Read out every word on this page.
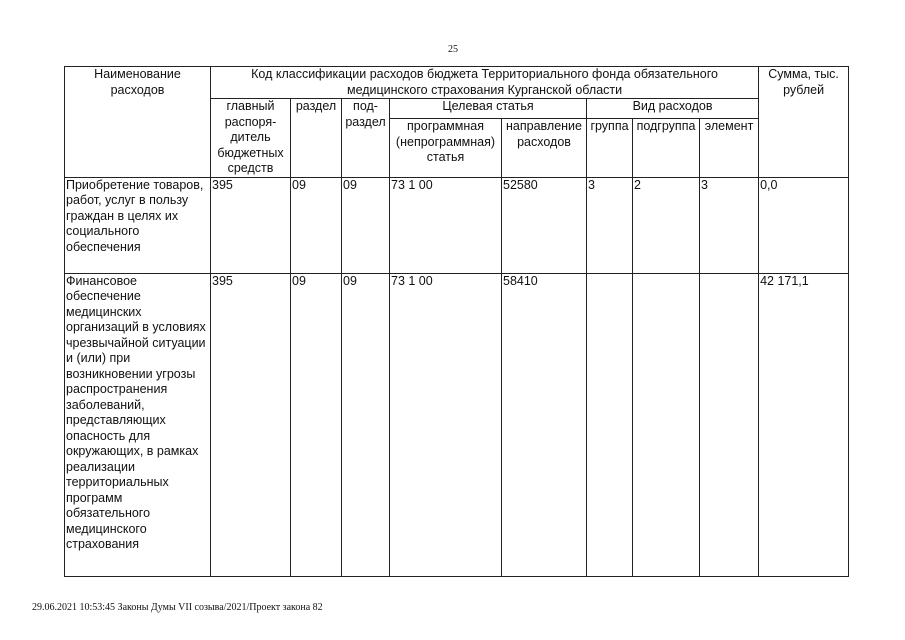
25
Наименование расходов	Код классификации расходов бюджета Территориального фонда обязательного медицинского страхования Курганской области								Сумма, тыс. рублей
	главный распоря-дитель бюджетных средств	раздел	под-раздел	Целевая статья		Вид расходов			
				программная (непрограммная) статья	направление расходов	группа	подгруппа	элемент	
Приобретение товаров, работ, услуг в пользу граждан в целях их социального обеспечения	395	09	09	73 1 00	52580	3	2	3	0,0
Финансовое обеспечение медицинских организаций в условиях чрезвычайной ситуации и (или) при возникновении угрозы распространения заболеваний, представляющих опасность для окружающих, в рамках реализации территориальных программ обязательного медицинского страхования	395	09	09	73 1 00	58410				42 171,1
29.06.2021 10:53:45 Законы Думы VII созыва/2021/Проект закона 82
